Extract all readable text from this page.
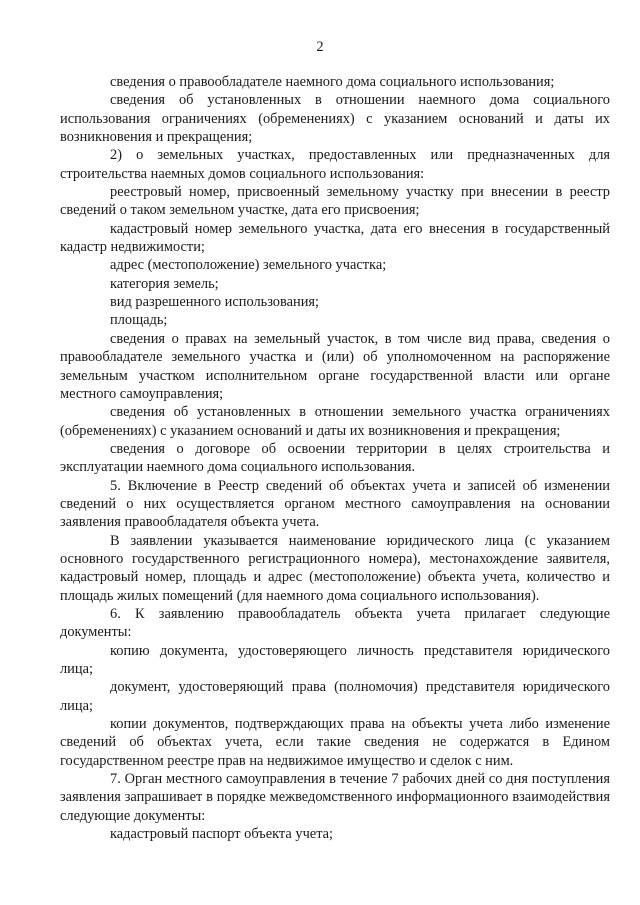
2

сведения о правообладателе наемного дома социального использования;

сведения об установленных в отношении наемного дома социального использования ограничениях (обременениях) с указанием оснований и даты их возникновения и прекращения;

2) о земельных участках, предоставленных или предназначенных для строительства наемных домов социального использования:

реестровый номер, присвоенный земельному участку при внесении в реестр сведений о таком земельном участке, дата его присвоения;

кадастровый номер земельного участка, дата его внесения в государственный кадастр недвижимости;

адрес (местоположение) земельного участка;

категория земель;

вид разрешенного использования;

площадь;

сведения о правах на земельный участок, в том числе вид права, сведения о правообладателе земельного участка и (или) об уполномоченном на распоряжение земельным участком исполнительном органе государственной власти или органе местного самоуправления;

сведения об установленных в отношении земельного участка ограничениях (обременениях) с указанием оснований и даты их возникновения и прекращения;

сведения о договоре об освоении территории в целях строительства и эксплуатации наемного дома социального использования.

5. Включение в Реестр сведений об объектах учета и записей об изменении сведений о них осуществляется органом местного самоуправления на основании заявления правообладателя объекта учета.

В заявлении указывается наименование юридического лица (с указанием основного государственного регистрационного номера), местонахождение заявителя, кадастровый номер, площадь и адрес (местоположение) объекта учета, количество и площадь жилых помещений (для наемного дома социального использования).

6. К заявлению правообладатель объекта учета прилагает следующие документы:

копию документа, удостоверяющего личность представителя юридического лица;

документ, удостоверяющий права (полномочия) представителя юридического лица;

копии документов, подтверждающих права на объекты учета либо изменение сведений об объектах учета, если такие сведения не содержатся в Едином государственном реестре прав на недвижимое имущество и сделок с ним.

7. Орган местного самоуправления в течение 7 рабочих дней со дня поступления заявления запрашивает в порядке межведомственного информационного взаимодействия следующие документы:

кадастровый паспорт объекта учета;
